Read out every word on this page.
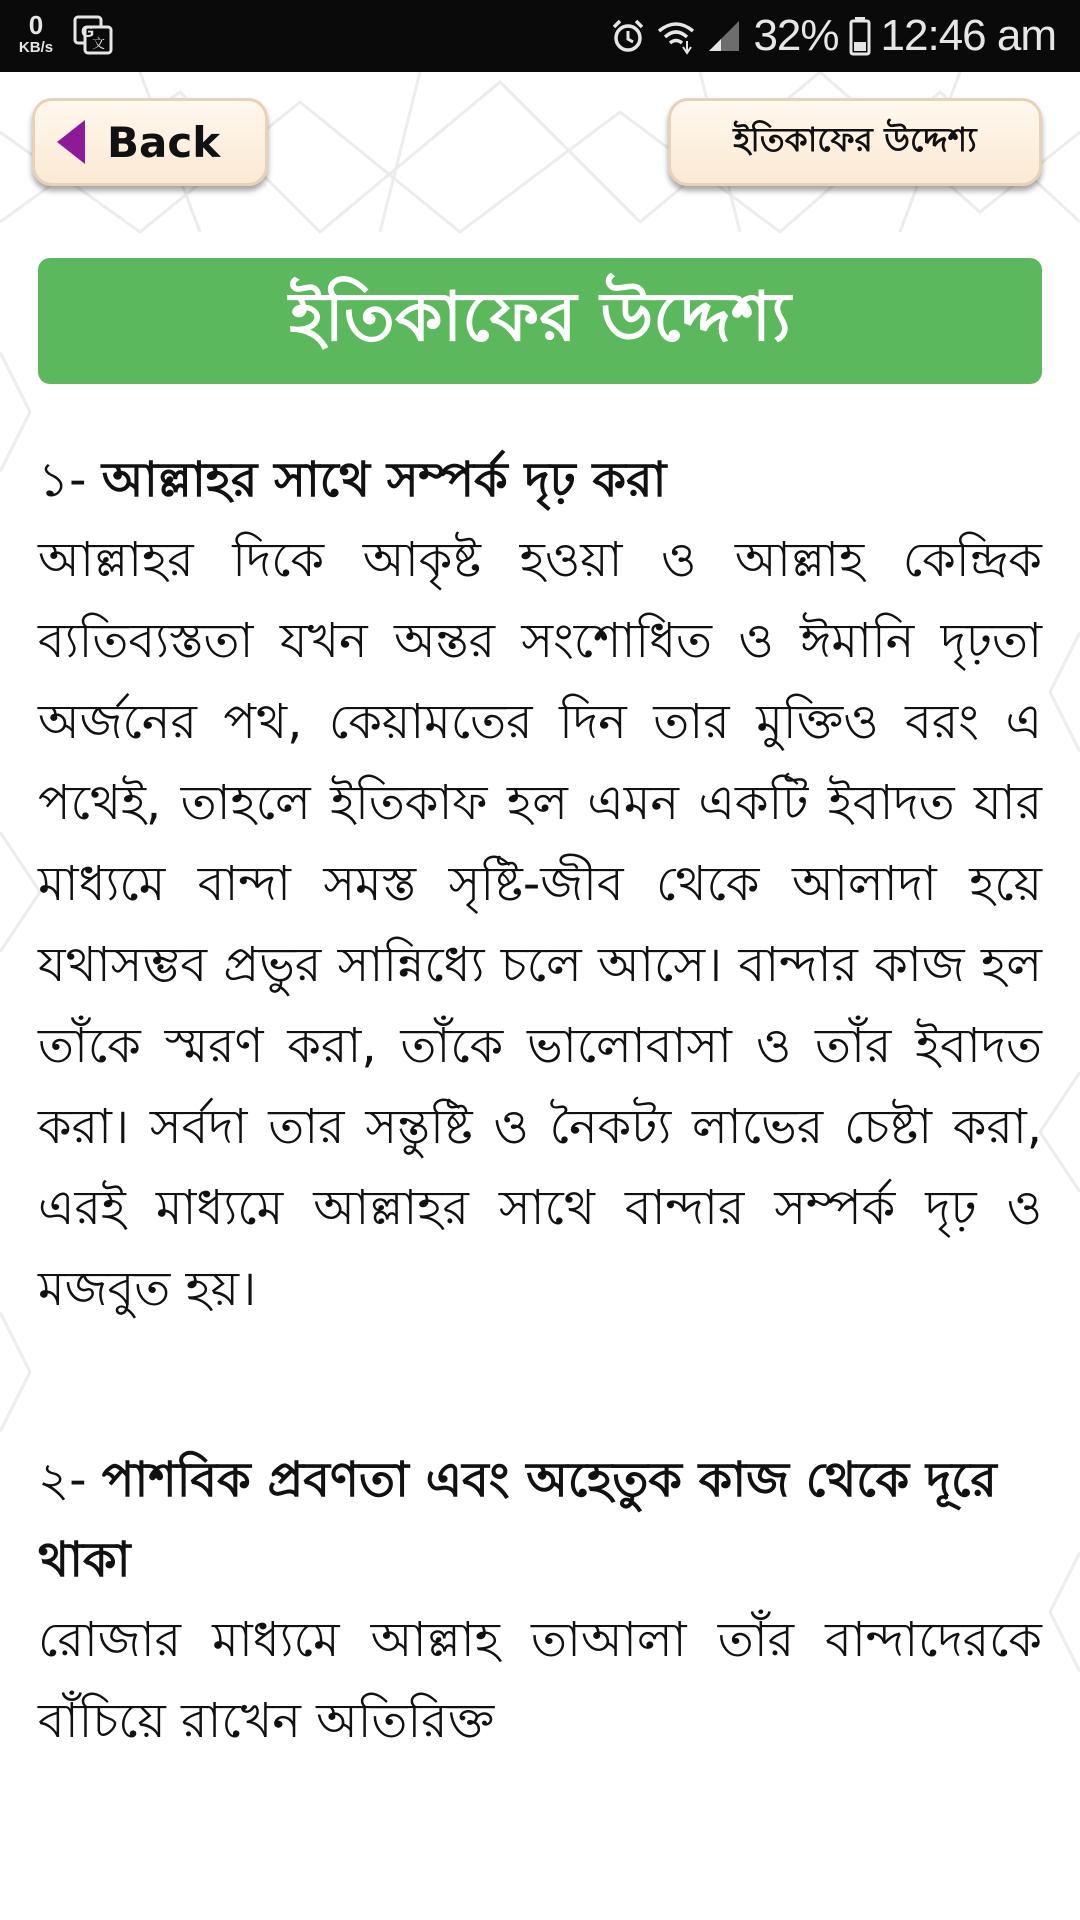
0
KB/s
G
文	32% 12:46 am
Back	ইতিকাফের উদ্দেশ্য
ইতিকাফের উদ্দেশ্য
১- আল্লাহর সাথে সম্পর্ক দৃঢ় করা

আল্লাহর দিকে আকৃষ্ট হওয়া ও আল্লাহ কেন্দ্রিক ব্যতিব্যস্ততা যখন অন্তর সংশোধিত ও ঈমানি দৃঢ়তা অর্জনের পথ, কেয়ামতের দিন তার মুক্তিও বরং এ পথেই, তাহলে ইতিকাফ হল এমন একটি ইবাদত যার মাধ্যমে বান্দা সমস্ত সৃষ্টি-জীব থেকে আলাদা হয়ে যথাসম্ভব প্রভুর সান্নিধ্যে চলে আসে। বান্দার কাজ হল তাঁকে স্মরণ করা, তাঁকে ভালোবাসা ও তাঁর ইবাদত করা। সর্বদা তার সন্তুষ্টি ও নৈকট্য লাভের চেষ্টা করা, এরই মাধ্যমে আল্লাহর সাথে বান্দার সম্পর্ক দৃঢ় ও মজবুত হয়।

২- পাশবিক প্রবণতা এবং অহেতুক কাজ থেকে দূরে থাকা

রোজার মাধ্যমে আল্লাহ তাআলা তাঁর বান্দাদেরকে বাঁচিয়ে রাখেন অতিরিক্ত
